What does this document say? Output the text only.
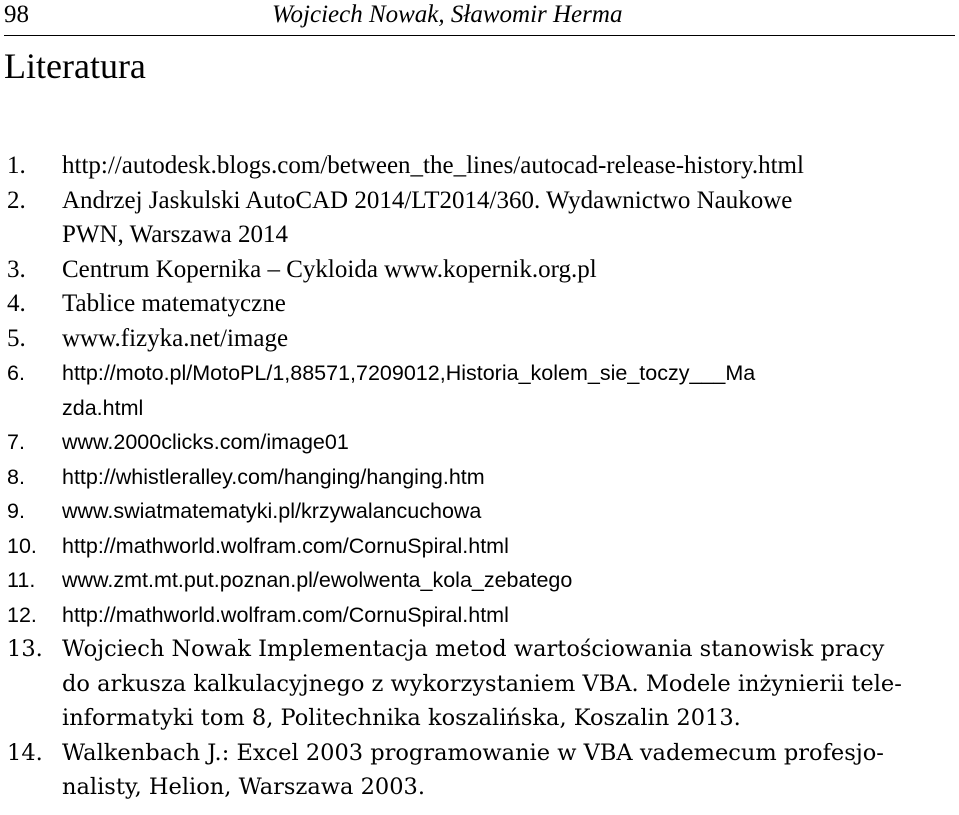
98	Wojciech Nowak, Sławomir Herma
Literatura
1. http://autodesk.blogs.com/between_the_lines/autocad-release-history.html
2. Andrzej Jaskulski AutoCAD 2014/LT2014/360. Wydawnictwo Naukowe
PWN, Warszawa 2014
3. Centrum Kopernika – Cykloida www.kopernik.org.pl
4. Tablice matematyczne
5. www.fizyka.net/image
6. http://moto.pl/MotoPL/1,88571,7209012,Historia_kolem_sie_toczy___Ma
zda.html
7. www.2000clicks.com/image01
8. http://whistleralley.com/hanging/hanging.htm
9. www.swiatmatematyki.pl/krzywalancuchowa
10. http://mathworld.wolfram.com/CornuSpiral.html
11. www.zmt.mt.put.poznan.pl/ewolwenta_kola_zebatego
12. http://mathworld.wolfram.com/CornuSpiral.html
13. Wojciech Nowak Implementacja metod wartościowania stanowisk pracy
do arkusza kalkulacyjnego z wykorzystaniem VBA. Modele inżynierii tele-
informatyki tom 8, Politechnika koszalińska, Koszalin 2013.
14. Walkenbach J.: Excel 2003 programowanie w VBA vademecum profesjo-
nalisty, Helion, Warszawa 2003.
